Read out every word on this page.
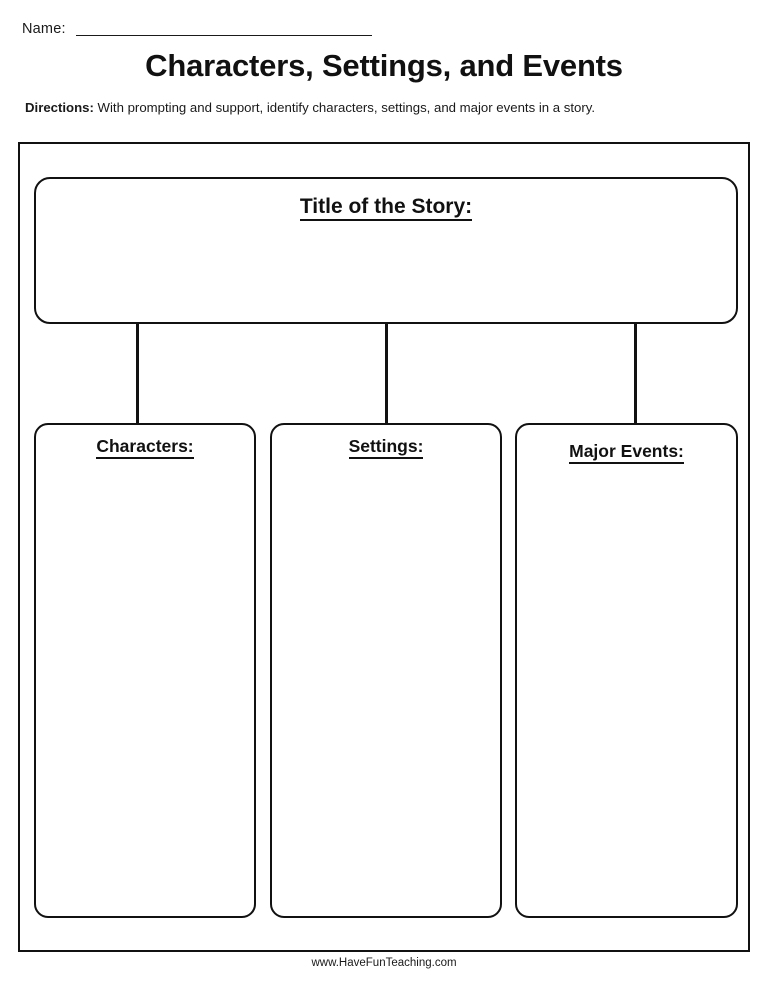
Name:
Characters, Settings, and Events
Directions: With prompting and support, identify characters, settings, and major events in a story.
Title of the Story:
Characters:	Settings:	Major Events:
www.HaveFunTeaching.com
